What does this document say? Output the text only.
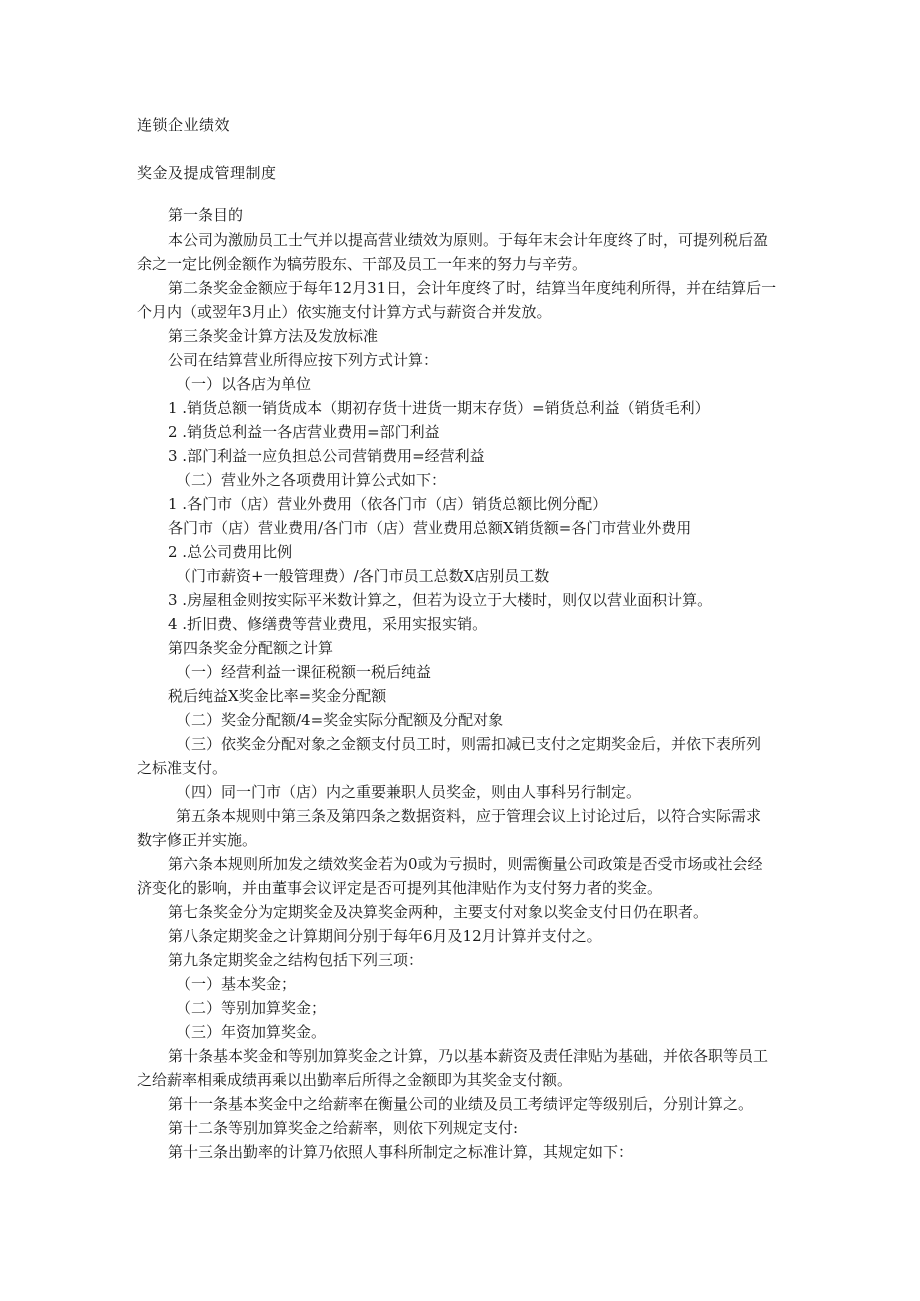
连锁企业绩效
奖金及提成管理制度
第一条目的
本公司为激励员工士气并以提高营业绩效为原则。于每年末会计年度终了时，可提列税后盈
余之一定比例金额作为犒劳股东、干部及员工一年来的努力与辛劳。
第二条奖金金额应于每年12月31日，会计年度终了时，结算当年度纯利所得，并在结算后一
个月内（或翌年3月止）依实施支付计算方式与薪资合并发放。
第三条奖金计算方法及发放标准
公司在结算营业所得应按下列方式计算：
（一）以各店为单位
1 .销货总额一销货成本（期初存货十进货一期末存货）=销货总利益（销货毛利）
2 .销货总利益一各店营业费用=部门利益
3 .部门利益一应负担总公司营销费用=经营利益
（二）营业外之各项费用计算公式如下：
1 .各门市（店）营业外费用（依各门市（店）销货总额比例分配）
各门市（店）营业费用/各门市（店）营业费用总额X销货额=各门市营业外费用
2 .总公司费用比例
（门市薪资+一般管理费）/各门市员工总数X店别员工数
3 .房屋租金则按实际平米数计算之，但若为设立于大楼时，则仅以营业面积计算。
4 .折旧费、修缮费等营业费甩，采用实报实销。
第四条奖金分配额之计算
（一）经营利益一课征税额一税后纯益
税后纯益X奖金比率=奖金分配额
（二）奖金分配额/4=奖金实际分配额及分配对象
（三）依奖金分配对象之金额支付员工时，则需扣减已支付之定期奖金后，并依下表所列
之标准支付。
（四）同一门市（店）内之重要兼职人员奖金，则由人事科另行制定。
第五条本规则中第三条及第四条之数据资料，应于管理会议上讨论过后，以符合实际需求
数字修正并实施。
第六条本规则所加发之绩效奖金若为0或为亏损时，则需衡量公司政策是否受市场或社会经
济变化的影响，并由董事会议评定是否可提列其他津贴作为支付努力者的奖金。
第七条奖金分为定期奖金及决算奖金两种，主要支付对象以奖金支付日仍在职者。
第八条定期奖金之计算期间分别于每年6月及12月计算并支付之。
第九条定期奖金之结构包括下列三项：
（一）基本奖金；
（二）等别加算奖金；
（三）年资加算奖金。
第十条基本奖金和等别加算奖金之计算，乃以基本薪资及责任津贴为基础，并依各职等员工
之给薪率相乘成绩再乘以出勤率后所得之金额即为其奖金支付额。
第十一条基本奖金中之给薪率在衡量公司的业绩及员工考绩评定等级别后，分别计算之。
第十二条等别加算奖金之给薪率，则依下列规定支付:
第十三条出勤率的计算乃依照人事科所制定之标准计算，其规定如下：
